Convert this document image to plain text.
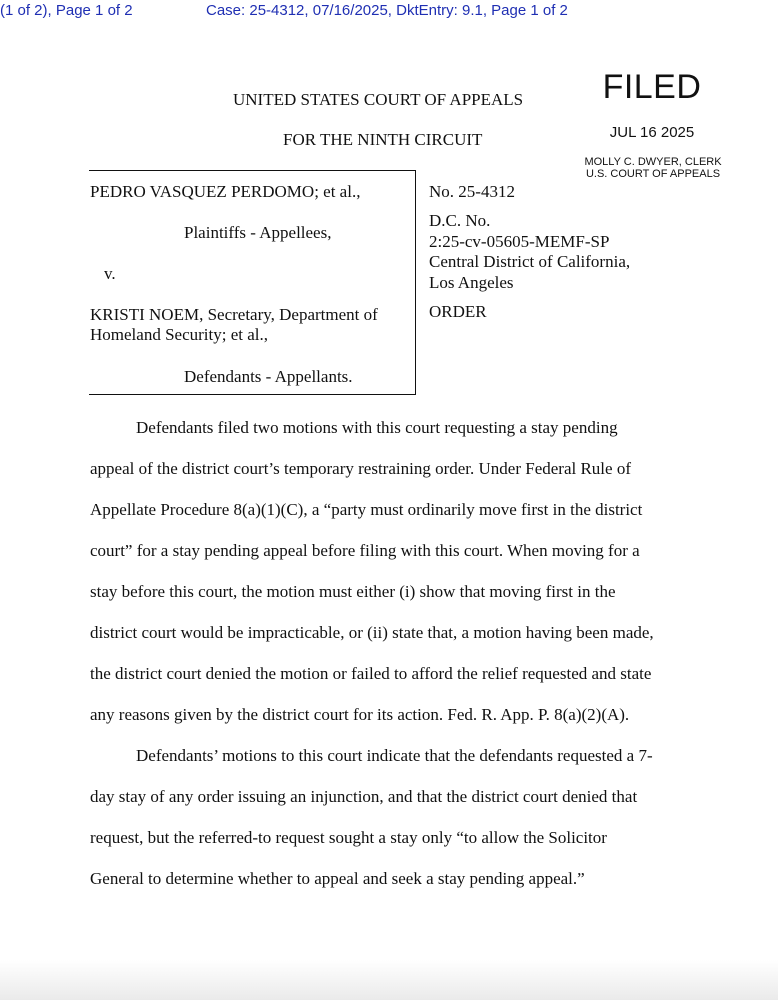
(1 of 2), Page 1 of 2	Case: 25-4312, 07/16/2025, DktEntry: 9.1, Page 1 of 2
UNITED STATES COURT OF APPEALS
FOR THE NINTH CIRCUIT
FILED
JUL 16 2025
MOLLY C. DWYER, CLERK
U.S. COURT OF APPEALS
PEDRO VASQUEZ PERDOMO; et al.,
Plaintiffs - Appellees,
v.
KRISTI NOEM, Secretary, Department of Homeland Security; et al.,
Defendants - Appellants.
No. 25-4312
D.C. No.
2:25-cv-05605-MEMF-SP
Central District of California,
Los Angeles
ORDER
Defendants filed two motions with this court requesting a stay pending
appeal of the district court’s temporary restraining order. Under Federal Rule of
Appellate Procedure 8(a)(1)(C), a “party must ordinarily move first in the district
court” for a stay pending appeal before filing with this court. When moving for a
stay before this court, the motion must either (i) show that moving first in the
district court would be impracticable, or (ii) state that, a motion having been made,
the district court denied the motion or failed to afford the relief requested and state
any reasons given by the district court for its action. Fed. R. App. P. 8(a)(2)(A).
Defendants’ motions to this court indicate that the defendants requested a 7-
day stay of any order issuing an injunction, and that the district court denied that
request, but the referred-to request sought a stay only “to allow the Solicitor
General to determine whether to appeal and seek a stay pending appeal.”
